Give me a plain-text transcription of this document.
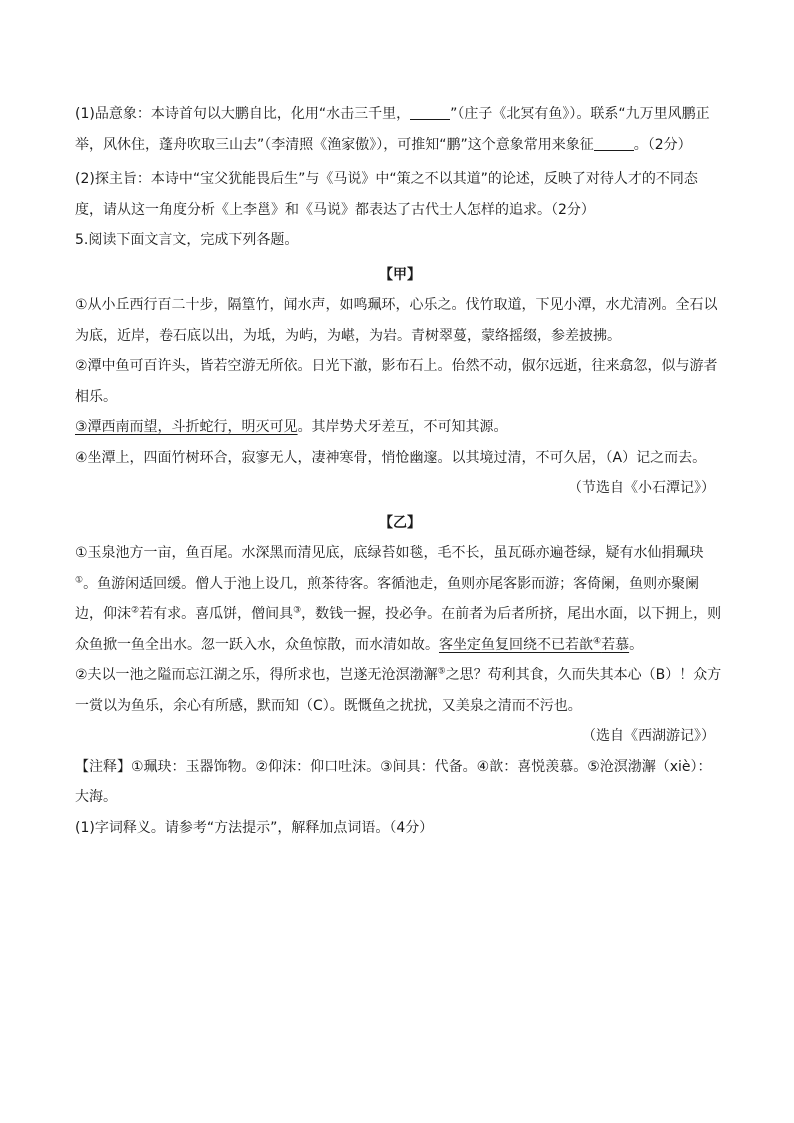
(1)品意象：本诗首句以大鹏自比，化用“水击三千里，	”（庄子《北冥有鱼》）。联系“九万里风鹏正举，风休住，蓬舟吹取三山去”（李清照《渔家傲》），可推知“鹏”这个意象常用来象征	。（2分）

(2)探主旨：本诗中“宝父犹能畏后生”与《马说》中“策之不以其道”的论述，反映了对待人才的不同态度，请从这一角度分析《上李邕》和《马说》都表达了古代士人怎样的追求。（2分）

5.阅读下面文言文，完成下列各题。

【甲】

①从小丘西行百二十步，隔篁竹，闻水声，如鸣珮环，心乐之。伐竹取道，下见小潭，水尤清冽。全石以为底，近岸，卷石底以出，为坻，为屿，为嵁，为岩。青树翠蔓，蒙络摇缀，参差披拂。

②潭中鱼可百许头，皆若空游无所依。日光下澈，影布石上。佁然不动，俶尔远逝，往来翕忽，似与游者相乐。

③潭西南而望，斗折蛇行，明灭可见。其岸势犬牙差互，不可知其源。

④坐潭上，四面竹树环合，寂寥无人，凄神寒骨，悄怆幽邃。以其境过清，不可久居，（A）记之而去。

（节选自《小石潭记》）

【乙】

①玉泉池方一亩，鱼百尾。水深黑而清见底，底绿苔如毯，毛不长，虽瓦砾亦遍苍绿，疑有水仙捐珮玦①。鱼游闲适回缓。僧人于池上设几，煎茶待客。客循池走，鱼则亦尾客影而游；客倚阑，鱼则亦聚阑边，仰沫②若有求。喜瓜饼，僧间具③，数钱一握，投必争。在前者为后者所挤，尾出水面，以下拥上，则众鱼掀一鱼全出水。忽一跃入水，众鱼惊散，而水清如故。客坐定鱼复回绕不已若歆④若慕。

②夫以一池之隘而忘江湖之乐，得所求也，岂遂无沧溟渤澥⑤之思？苟利其食，久而失其本心（B）！众方一赏以为鱼乐，余心有所感，默而知（C）。既慨鱼之扰扰，又美泉之清而不污也。

（选自《西湖游记》）

【注释】①珮玦：玉器饰物。②仰沫：仰口吐沫。③间具：代备。④歆：喜悦羡慕。⑤沧溟渤澥（xiè）：大海。

(1)字词释义。请参考“方法提示”，解释加点词语。（4分）
